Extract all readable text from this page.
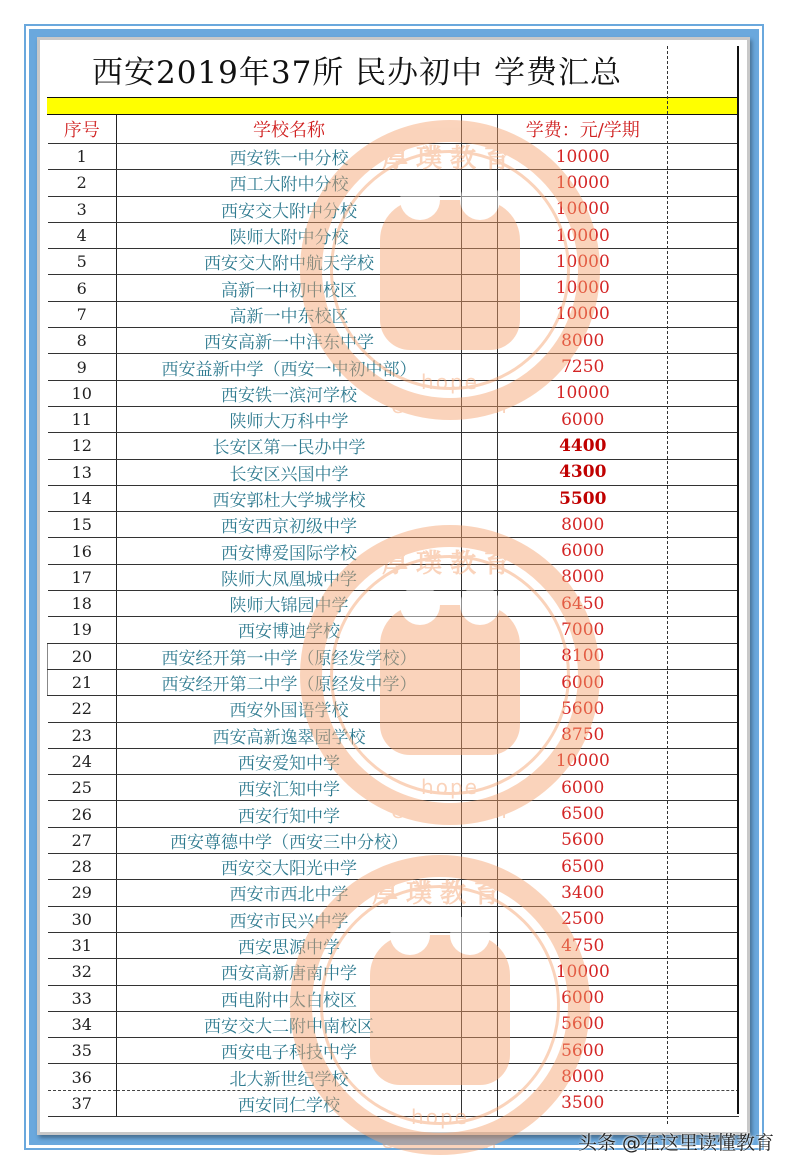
西安2019年37所 民办初中 学费汇总
序号	学校名称		学费：元/学期	
1	西安铁一中分校		10000	
2	西工大附中分校		10000	
3	西安交大附中分校		10000	
4	陕师大附中分校		10000	
5	西安交大附中航天学校		10000	
6	高新一中初中校区		10000	
7	高新一中东校区		10000	
8	西安高新一中沣东中学		8000	
9	西安益新中学（西安一中初中部）		7250	
10	西安铁一滨河学校		10000	
11	陕师大万科中学		6000	
12	长安区第一民办中学		4400	
13	长安区兴国中学		4300	
14	西安郭杜大学城学校		5500	
15	西安西京初级中学		8000	
16	西安博爱国际学校		6000	
17	陕师大凤凰城中学		8000	
18	陕师大锦园中学		6450	
19	西安博迪学校		7000	
20	西安经开第一中学（原经发学校）		8100	
21	西安经开第二中学（原经发中学）		6000	
22	西安外国语学校		5600	
23	西安高新逸翠园学校		8750	
24	西安爱知中学		10000	
25	西安汇知中学		6000	
26	西安行知中学		6500	
27	西安尊德中学（西安三中分校）		5600	
28	西安交大阳光中学		6500	
29	西安市西北中学		3400	
30	西安市民兴中学		2500	
31	西安思源中学		4750	
32	西安高新唐南中学		10000	
33	西电附中太白校区		6000	
34	西安交大二附中南校区		5600	
35	西安电子科技中学		5600	
36	北大新世纪学校		8000	
37	西安同仁学校		3500	
厚璞教育
hope education
厚璞教育
hope education
厚璞教育
hope education	头条 @在这里读懂教育
